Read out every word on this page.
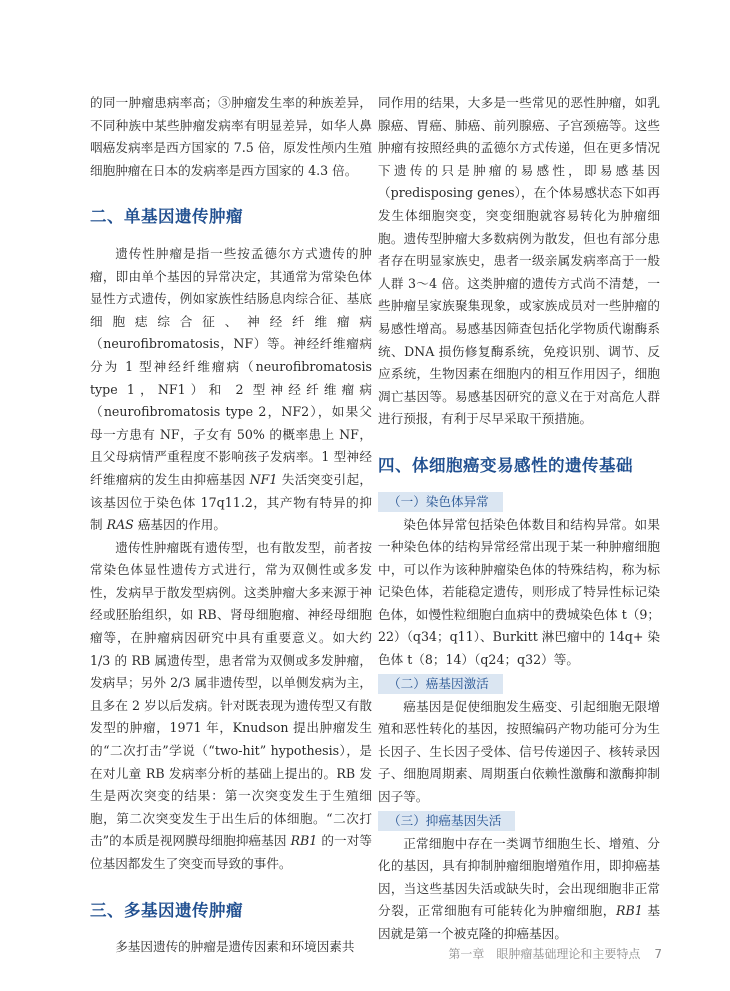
的同一肿瘤患病率高；③肿瘤发生率的种族差异，不同种族中某些肿瘤发病率有明显差异，如华人鼻咽癌发病率是西方国家的 7.5 倍，原发性颅内生殖细胞肿瘤在日本的发病率是西方国家的 4.3 倍。

二、单基因遗传肿瘤

遗传性肿瘤是指一些按孟德尔方式遗传的肿瘤，即由单个基因的异常决定，其通常为常染色体显性方式遗传，例如家族性结肠息肉综合征、基底细胞痣综合征、神经纤维瘤病（neurofibromatosis，NF）等。神经纤维瘤病分为 1 型神经纤维瘤病（neurofibromatosis type 1，NF1）和 2 型神经纤维瘤病（neurofibromatosis type 2，NF2），如果父母一方患有 NF，子女有 50% 的概率患上 NF，且父母病情严重程度不影响孩子发病率。1 型神经纤维瘤病的发生由抑癌基因 NF1 失活突变引起，该基因位于染色体 17q11.2，其产物有特异的抑制 RAS 癌基因的作用。

遗传性肿瘤既有遗传型，也有散发型，前者按常染色体显性遗传方式进行，常为双侧性或多发性，发病早于散发型病例。这类肿瘤大多来源于神经或胚胎组织，如 RB、肾母细胞瘤、神经母细胞瘤等，在肿瘤病因研究中具有重要意义。如大约 1/3 的 RB 属遗传型，患者常为双侧或多发肿瘤，发病早；另外 2/3 属非遗传型，以单侧发病为主，且多在 2 岁以后发病。针对既表现为遗传型又有散发型的肿瘤，1971 年，Knudson 提出肿瘤发生的“二次打击”学说（“two-hit” hypothesis），是在对儿童 RB 发病率分析的基础上提出的。RB 发生是两次突变的结果：第一次突变发生于生殖细胞，第二次突变发生于出生后的体细胞。“二次打击”的本质是视网膜母细胞抑癌基因 RB1 的一对等位基因都发生了突变而导致的事件。

三、多基因遗传肿瘤

多基因遗传的肿瘤是遗传因素和环境因素共

同作用的结果，大多是一些常见的恶性肿瘤，如乳腺癌、胃癌、肺癌、前列腺癌、子宫颈癌等。这些肿瘤有按照经典的孟德尔方式传递，但在更多情况下遗传的只是肿瘤的易感性，即易感基因（predisposing genes），在个体易感状态下如再发生体细胞突变，突变细胞就容易转化为肿瘤细胞。遗传型肿瘤大多数病例为散发，但也有部分患者存在明显家族史，患者一级亲属发病率高于一般人群 3～4 倍。这类肿瘤的遗传方式尚不清楚，一些肿瘤呈家族聚集现象，或家族成员对一些肿瘤的易感性增高。易感基因筛查包括化学物质代谢酶系统、DNA 损伤修复酶系统，免疫识别、调节、反应系统，生物因素在细胞内的相互作用因子，细胞凋亡基因等。易感基因研究的意义在于对高危人群进行预报，有利于尽早采取干预措施。

四、体细胞癌变易感性的遗传基础

（一）染色体异常

染色体异常包括染色体数目和结构异常。如果一种染色体的结构异常经常出现于某一种肿瘤细胞中，可以作为该种肿瘤染色体的特殊结构，称为标记染色体，若能稳定遗传，则形成了特异性标记染色体，如慢性粒细胞白血病中的费城染色体 t（9；22）（q34；q11）、Burkitt 淋巴瘤中的 14q+ 染色体 t（8；14）（q24；q32）等。

（二）癌基因激活

癌基因是促使细胞发生癌变、引起细胞无限增殖和恶性转化的基因，按照编码产物功能可分为生长因子、生长因子受体、信号传递因子、核转录因子、细胞周期素、周期蛋白依赖性激酶和激酶抑制因子等。

（三）抑癌基因失活

正常细胞中存在一类调节细胞生长、增殖、分化的基因，具有抑制肿瘤细胞增殖作用，即抑癌基因，当这些基因失活或缺失时，会出现细胞非正常分裂，正常细胞有可能转化为肿瘤细胞，RB1 基因就是第一个被克隆的抑癌基因。

第一章　眼肿瘤基础理论和主要特点 7
